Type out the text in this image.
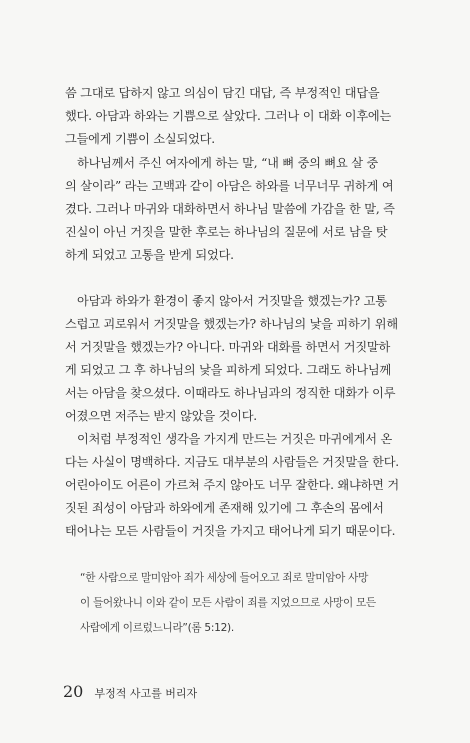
씀 그대로 답하지 않고 의심이 담긴 대답, 즉 부정적인 대답을
했다. 아담과 하와는 기쁨으로 살았다. 그러나 이 대화 이후에는
그들에게 기쁨이 소실되었다.
하나님께서 주신 여자에게 하는 말, “내 뼈 중의 뼈요 살 중
의 살이라” 라는 고백과 같이 아담은 하와를 너무너무 귀하게 여
겼다. 그러나 마귀와 대화하면서 하나님 말씀에 가감을 한 말, 즉
진실이 아닌 거짓을 말한 후로는 하나님의 질문에 서로 남을 탓
하게 되었고 고통을 받게 되었다.
아담과 하와가 환경이 좋지 않아서 거짓말을 했겠는가? 고통
스럽고 괴로워서 거짓말을 했겠는가? 하나님의 낯을 피하기 위해
서 거짓말을 했겠는가? 아니다. 마귀와 대화를 하면서 거짓말하
게 되었고 그 후 하나님의 낯을 피하게 되었다. 그래도 하나님께
서는 아담을 찾으셨다. 이때라도 하나님과의 정직한 대화가 이루
어졌으면 저주는 받지 않았을 것이다.
이처럼 부정적인 생각을 가지게 만드는 거짓은 마귀에게서 온
다는 사실이 명백하다. 지금도 대부분의 사람들은 거짓말을 한다.
어린아이도 어른이 가르쳐 주지 않아도 너무 잘한다. 왜냐하면 거
짓된 죄성이 아담과 하와에게 존재해 있기에 그 후손의 몸에서
태어나는 모든 사람들이 거짓을 가지고 태어나게 되기 때문이다.
“한 사람으로 말미암아 죄가 세상에 들어오고 죄로 말미암아 사망
이 들어왔나니 이와 같이 모든 사람이 죄를 지었으므로 사망이 모든
사람에게 이르렀느니라”(롬 5:12).
20 부정적 사고를 버리자
